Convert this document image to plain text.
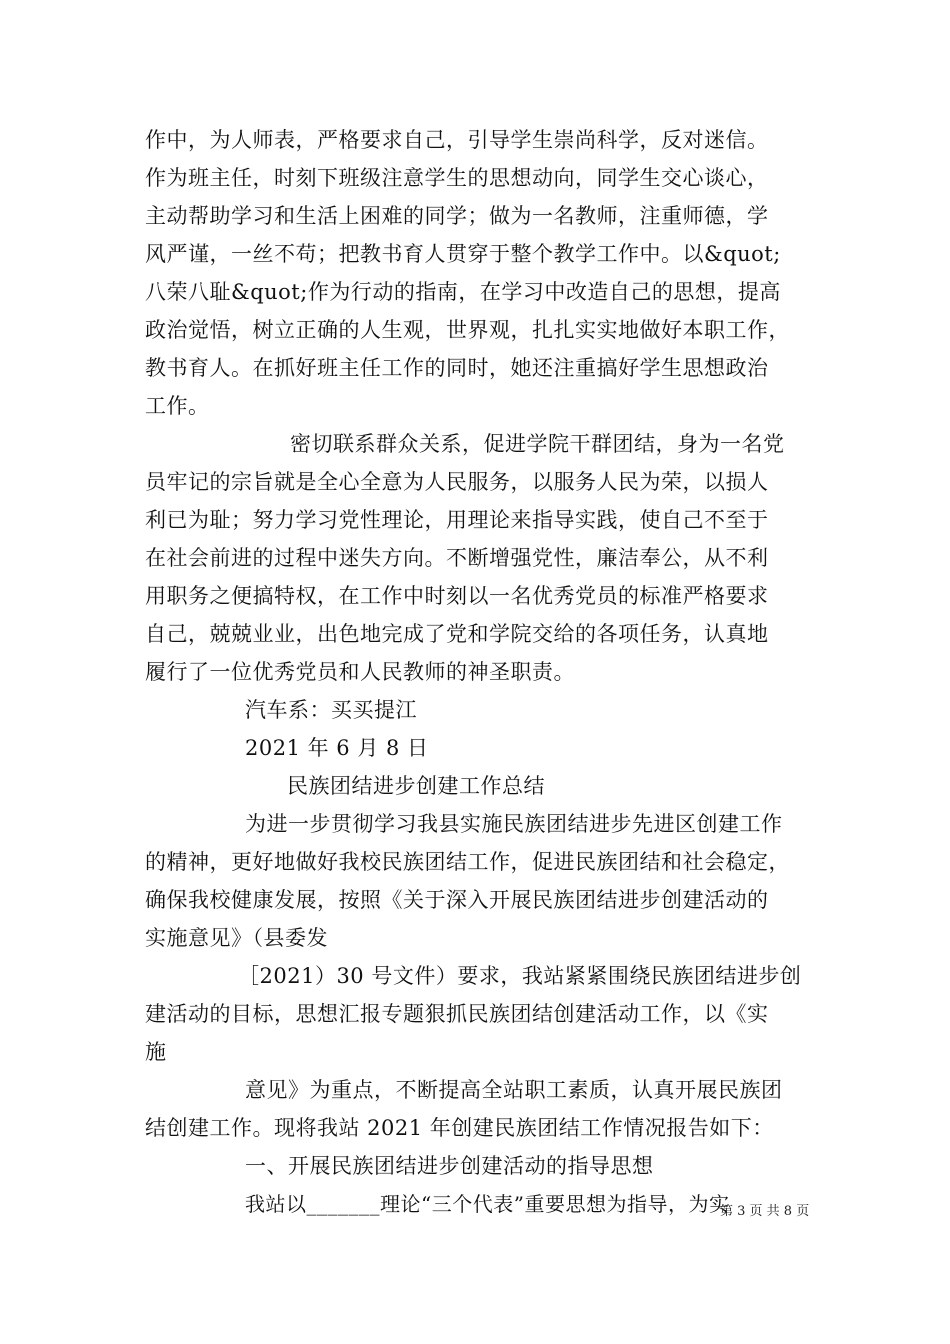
作中，为人师表，严格要求自己，引导学生崇尚科学，反对迷信。
作为班主任，时刻下班级注意学生的思想动向，同学生交心谈心，
主动帮助学习和生活上困难的同学；做为一名教师，注重师德，学
风严谨，一丝不苟；把教书育人贯穿于整个教学工作中。以&quot;
八荣八耻&quot;作为行动的指南，在学习中改造自己的思想，提高
政治觉悟，树立正确的人生观，世界观，扎扎实实地做好本职工作，
教书育人。在抓好班主任工作的同时，她还注重搞好学生思想政治
工作。
密切联系群众关系，促进学院干群团结，身为一名党
员牢记的宗旨就是全心全意为人民服务，以服务人民为荣，以损人
利已为耻；努力学习党性理论，用理论来指导实践，使自己不至于
在社会前进的过程中迷失方向。不断增强党性，廉洁奉公，从不利
用职务之便搞特权，在工作中时刻以一名优秀党员的标准严格要求
自己，兢兢业业，出色地完成了党和学院交给的各项任务，认真地
履行了一位优秀党员和人民教师的神圣职责。
汽车系：买买提江
2021 年 6 月 8 日
民族团结进步创建工作总结
为进一步贯彻学习我县实施民族团结进步先进区创建工作
的精神，更好地做好我校民族团结工作，促进民族团结和社会稳定，
确保我校健康发展，按照《关于深入开展民族团结进步创建活动的
实施意见》（县委发
［2021）30 号文件）要求，我站紧紧围绕民族团结进步创
建活动的目标，思想汇报专题狠抓民族团结创建活动工作，以《实
施
意见》为重点，不断提高全站职工素质，认真开展民族团
结创建工作。现将我站 2021 年创建民族团结工作情况报告如下：
一、开展民族团结进步创建活动的指导思想
我站以_______理论“三个代表”重要思想为指导，为实
第 3 页 共 8 页
